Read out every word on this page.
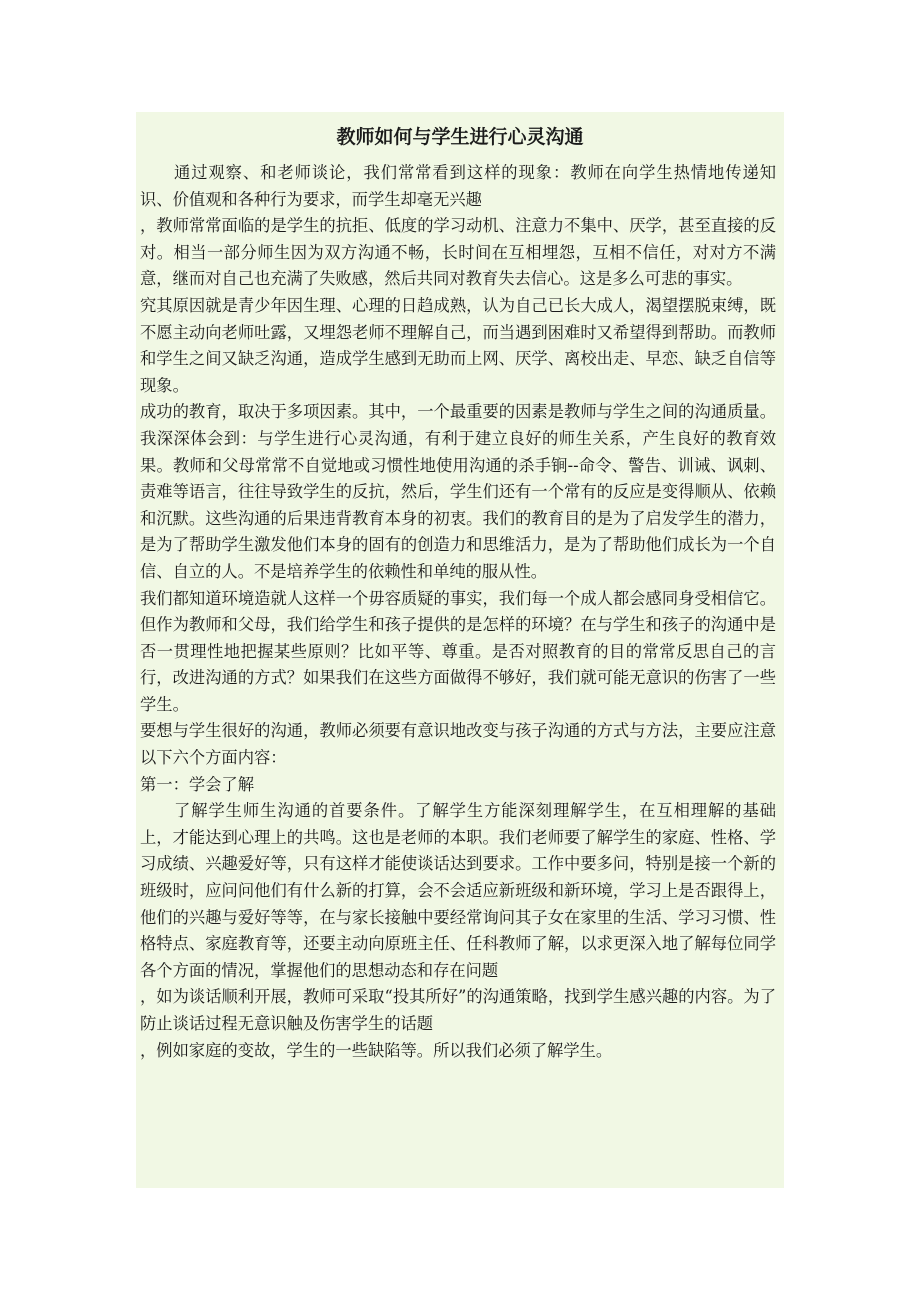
教师如何与学生进行心灵沟通

通过观察、和老师谈论，我们常常看到这样的现象：教师在向学生热情地传递知识、价值观和各种行为要求，而学生却毫无兴趣

，教师常常面临的是学生的抗拒、低度的学习动机、注意力不集中、厌学，甚至直接的反对。相当一部分师生因为双方沟通不畅，长时间在互相埋怨，互相不信任，对对方不满意，继而对自己也充满了失败感，然后共同对教育失去信心。这是多么可悲的事实。

究其原因就是青少年因生理、心理的日趋成熟，认为自己已长大成人，渴望摆脱束缚，既不愿主动向老师吐露，又埋怨老师不理解自己，而当遇到困难时又希望得到帮助。而教师和学生之间又缺乏沟通，造成学生感到无助而上网、厌学、离校出走、早恋、缺乏自信等现象。

成功的教育，取决于多项因素。其中，一个最重要的因素是教师与学生之间的沟通质量。我深深体会到：与学生进行心灵沟通，有利于建立良好的师生关系，产生良好的教育效果。教师和父母常常不自觉地或习惯性地使用沟通的杀手锏--命令、警告、训诫、讽刺、责难等语言，往往导致学生的反抗，然后，学生们还有一个常有的反应是变得顺从、依赖和沉默。这些沟通的后果违背教育本身的初衷。我们的教育目的是为了启发学生的潜力，是为了帮助学生激发他们本身的固有的创造力和思维活力，是为了帮助他们成长为一个自信、自立的人。不是培养学生的依赖性和单纯的服从性。

我们都知道环境造就人这样一个毋容质疑的事实，我们每一个成人都会感同身受相信它。但作为教师和父母，我们给学生和孩子提供的是怎样的环境？在与学生和孩子的沟通中是否一贯理性地把握某些原则？比如平等、尊重。是否对照教育的目的常常反思自己的言行，改进沟通的方式？如果我们在这些方面做得不够好，我们就可能无意识的伤害了一些学生。

要想与学生很好的沟通，教师必须要有意识地改变与孩子沟通的方式与方法，主要应注意以下六个方面内容：

第一：学会了解

了解学生师生沟通的首要条件。了解学生方能深刻理解学生，在互相理解的基础上，才能达到心理上的共鸣。这也是老师的本职。我们老师要了解学生的家庭、性格、学习成绩、兴趣爱好等，只有这样才能使谈话达到要求。工作中要多问，特别是接一个新的班级时，应问问他们有什么新的打算，会不会适应新班级和新环境，学习上是否跟得上，他们的兴趣与爱好等等，在与家长接触中要经常询问其子女在家里的生活、学习习惯、性格特点、家庭教育等，还要主动向原班主任、任科教师了解，以求更深入地了解每位同学各个方面的情况，掌握他们的思想动态和存在问题

，如为谈话顺利开展，教师可采取“投其所好”的沟通策略，找到学生感兴趣的内容。为了防止谈话过程无意识触及伤害学生的话题

，例如家庭的变故，学生的一些缺陷等。所以我们必须了解学生。
